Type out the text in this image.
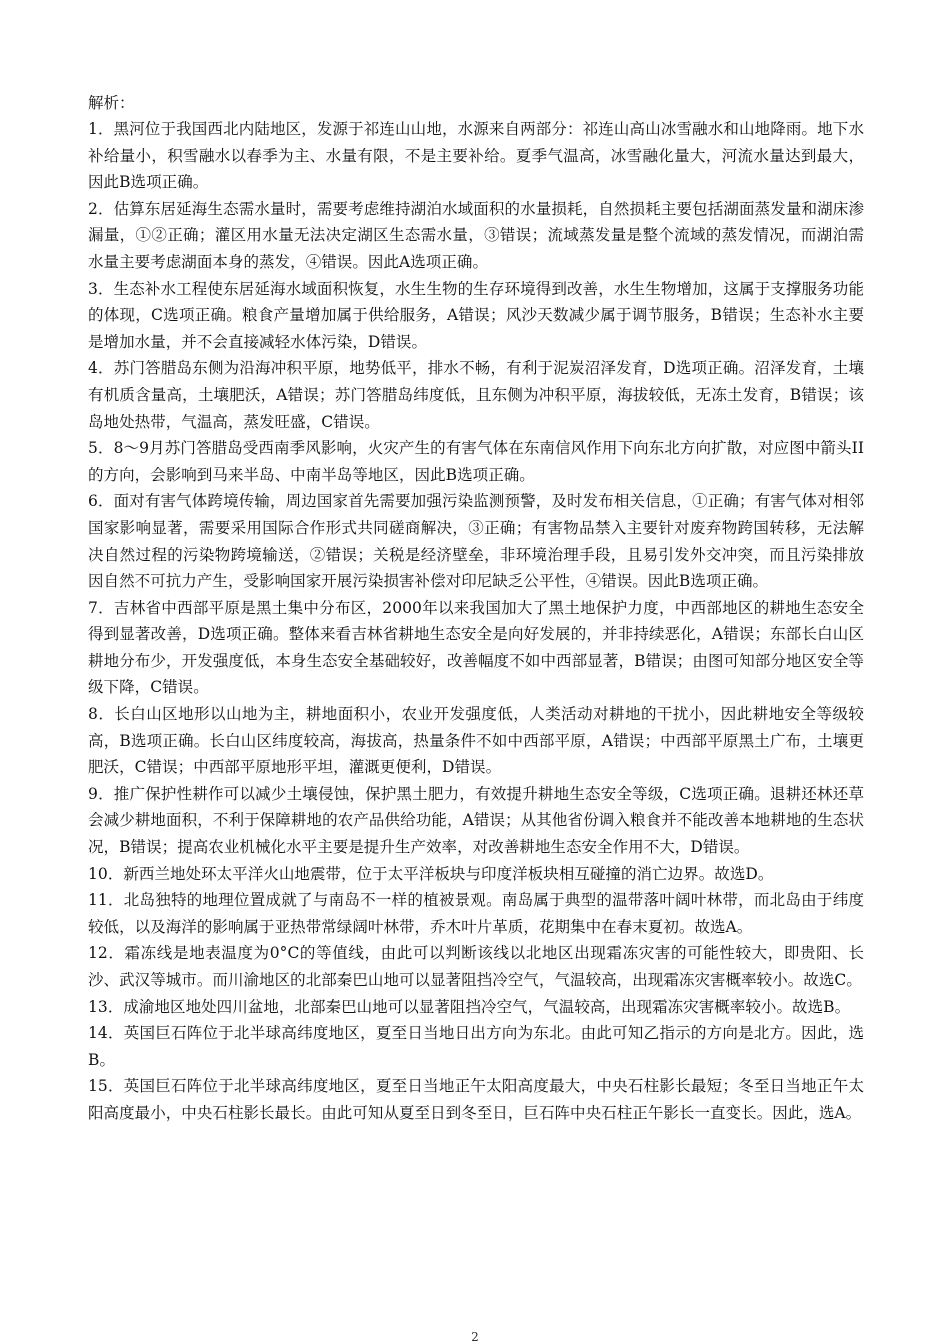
解析：

1．黑河位于我国西北内陆地区，发源于祁连山山地，水源来自两部分：祁连山高山冰雪融水和山地降雨。地下水补给量小，积雪融水以春季为主、水量有限，不是主要补给。夏季气温高，冰雪融化量大，河流水量达到最大，因此B选项正确。

2．估算东居延海生态需水量时，需要考虑维持湖泊水域面积的水量损耗，自然损耗主要包括湖面蒸发量和湖床渗漏量，①②正确；灌区用水量无法决定湖区生态需水量，③错误；流域蒸发量是整个流域的蒸发情况，而湖泊需水量主要考虑湖面本身的蒸发，④错误。因此A选项正确。

3．生态补水工程使东居延海水域面积恢复，水生生物的生存环境得到改善，水生生物增加，这属于支撑服务功能的体现，C选项正确。粮食产量增加属于供给服务，A错误；风沙天数减少属于调节服务，B错误；生态补水主要是增加水量，并不会直接减轻水体污染，D错误。

4．苏门答腊岛东侧为沿海冲积平原，地势低平，排水不畅，有利于泥炭沼泽发育，D选项正确。沼泽发育，土壤有机质含量高，土壤肥沃，A错误；苏门答腊岛纬度低，且东侧为冲积平原，海拔较低，无冻土发育，B错误；该岛地处热带，气温高，蒸发旺盛，C错误。

5．8～9月苏门答腊岛受西南季风影响，火灾产生的有害气体在东南信风作用下向东北方向扩散，对应图中箭头II的方向，会影响到马来半岛、中南半岛等地区，因此B选项正确。

6．面对有害气体跨境传输，周边国家首先需要加强污染监测预警，及时发布相关信息，①正确；有害气体对相邻国家影响显著，需要采用国际合作形式共同磋商解决，③正确；有害物品禁入主要针对废弃物跨国转移，无法解决自然过程的污染物跨境输送，②错误；关税是经济壁垒，非环境治理手段，且易引发外交冲突，而且污染排放因自然不可抗力产生，受影响国家开展污染损害补偿对印尼缺乏公平性，④错误。因此B选项正确。

7．吉林省中西部平原是黑土集中分布区，2000年以来我国加大了黑土地保护力度，中西部地区的耕地生态安全得到显著改善，D选项正确。整体来看吉林省耕地生态安全是向好发展的，并非持续恶化，A错误；东部长白山区耕地分布少，开发强度低，本身生态安全基础较好，改善幅度不如中西部显著，B错误；由图可知部分地区安全等级下降，C错误。

8．长白山区地形以山地为主，耕地面积小，农业开发强度低，人类活动对耕地的干扰小，因此耕地安全等级较高，B选项正确。长白山区纬度较高，海拔高，热量条件不如中西部平原，A错误；中西部平原黑土广布，土壤更肥沃，C错误；中西部平原地形平坦，灌溉更便利，D错误。

9．推广保护性耕作可以减少土壤侵蚀，保护黑土肥力，有效提升耕地生态安全等级，C选项正确。退耕还林还草会减少耕地面积，不利于保障耕地的农产品供给功能，A错误；从其他省份调入粮食并不能改善本地耕地的生态状况，B错误；提高农业机械化水平主要是提升生产效率，对改善耕地生态安全作用不大，D错误。

10．新西兰地处环太平洋火山地震带，位于太平洋板块与印度洋板块相互碰撞的消亡边界。故选D。

11．北岛独特的地理位置成就了与南岛不一样的植被景观。南岛属于典型的温带落叶阔叶林带，而北岛由于纬度较低，以及海洋的影响属于亚热带常绿阔叶林带，乔木叶片革质，花期集中在春末夏初。故选A。

12．霜冻线是地表温度为0°C的等值线，由此可以判断该线以北地区出现霜冻灾害的可能性较大，即贵阳、长沙、武汉等城市。而川渝地区的北部秦巴山地可以显著阻挡冷空气，气温较高，出现霜冻灾害概率较小。故选C。

13．成渝地区地处四川盆地，北部秦巴山地可以显著阻挡冷空气，气温较高，出现霜冻灾害概率较小。故选B。

14．英国巨石阵位于北半球高纬度地区，夏至日当地日出方向为东北。由此可知乙指示的方向是北方。因此，选B。

15．英国巨石阵位于北半球高纬度地区，夏至日当地正午太阳高度最大，中央石柱影长最短；冬至日当地正午太阳高度最小，中央石柱影长最长。由此可知从夏至日到冬至日，巨石阵中央石柱正午影长一直变长。因此，选A。

2
